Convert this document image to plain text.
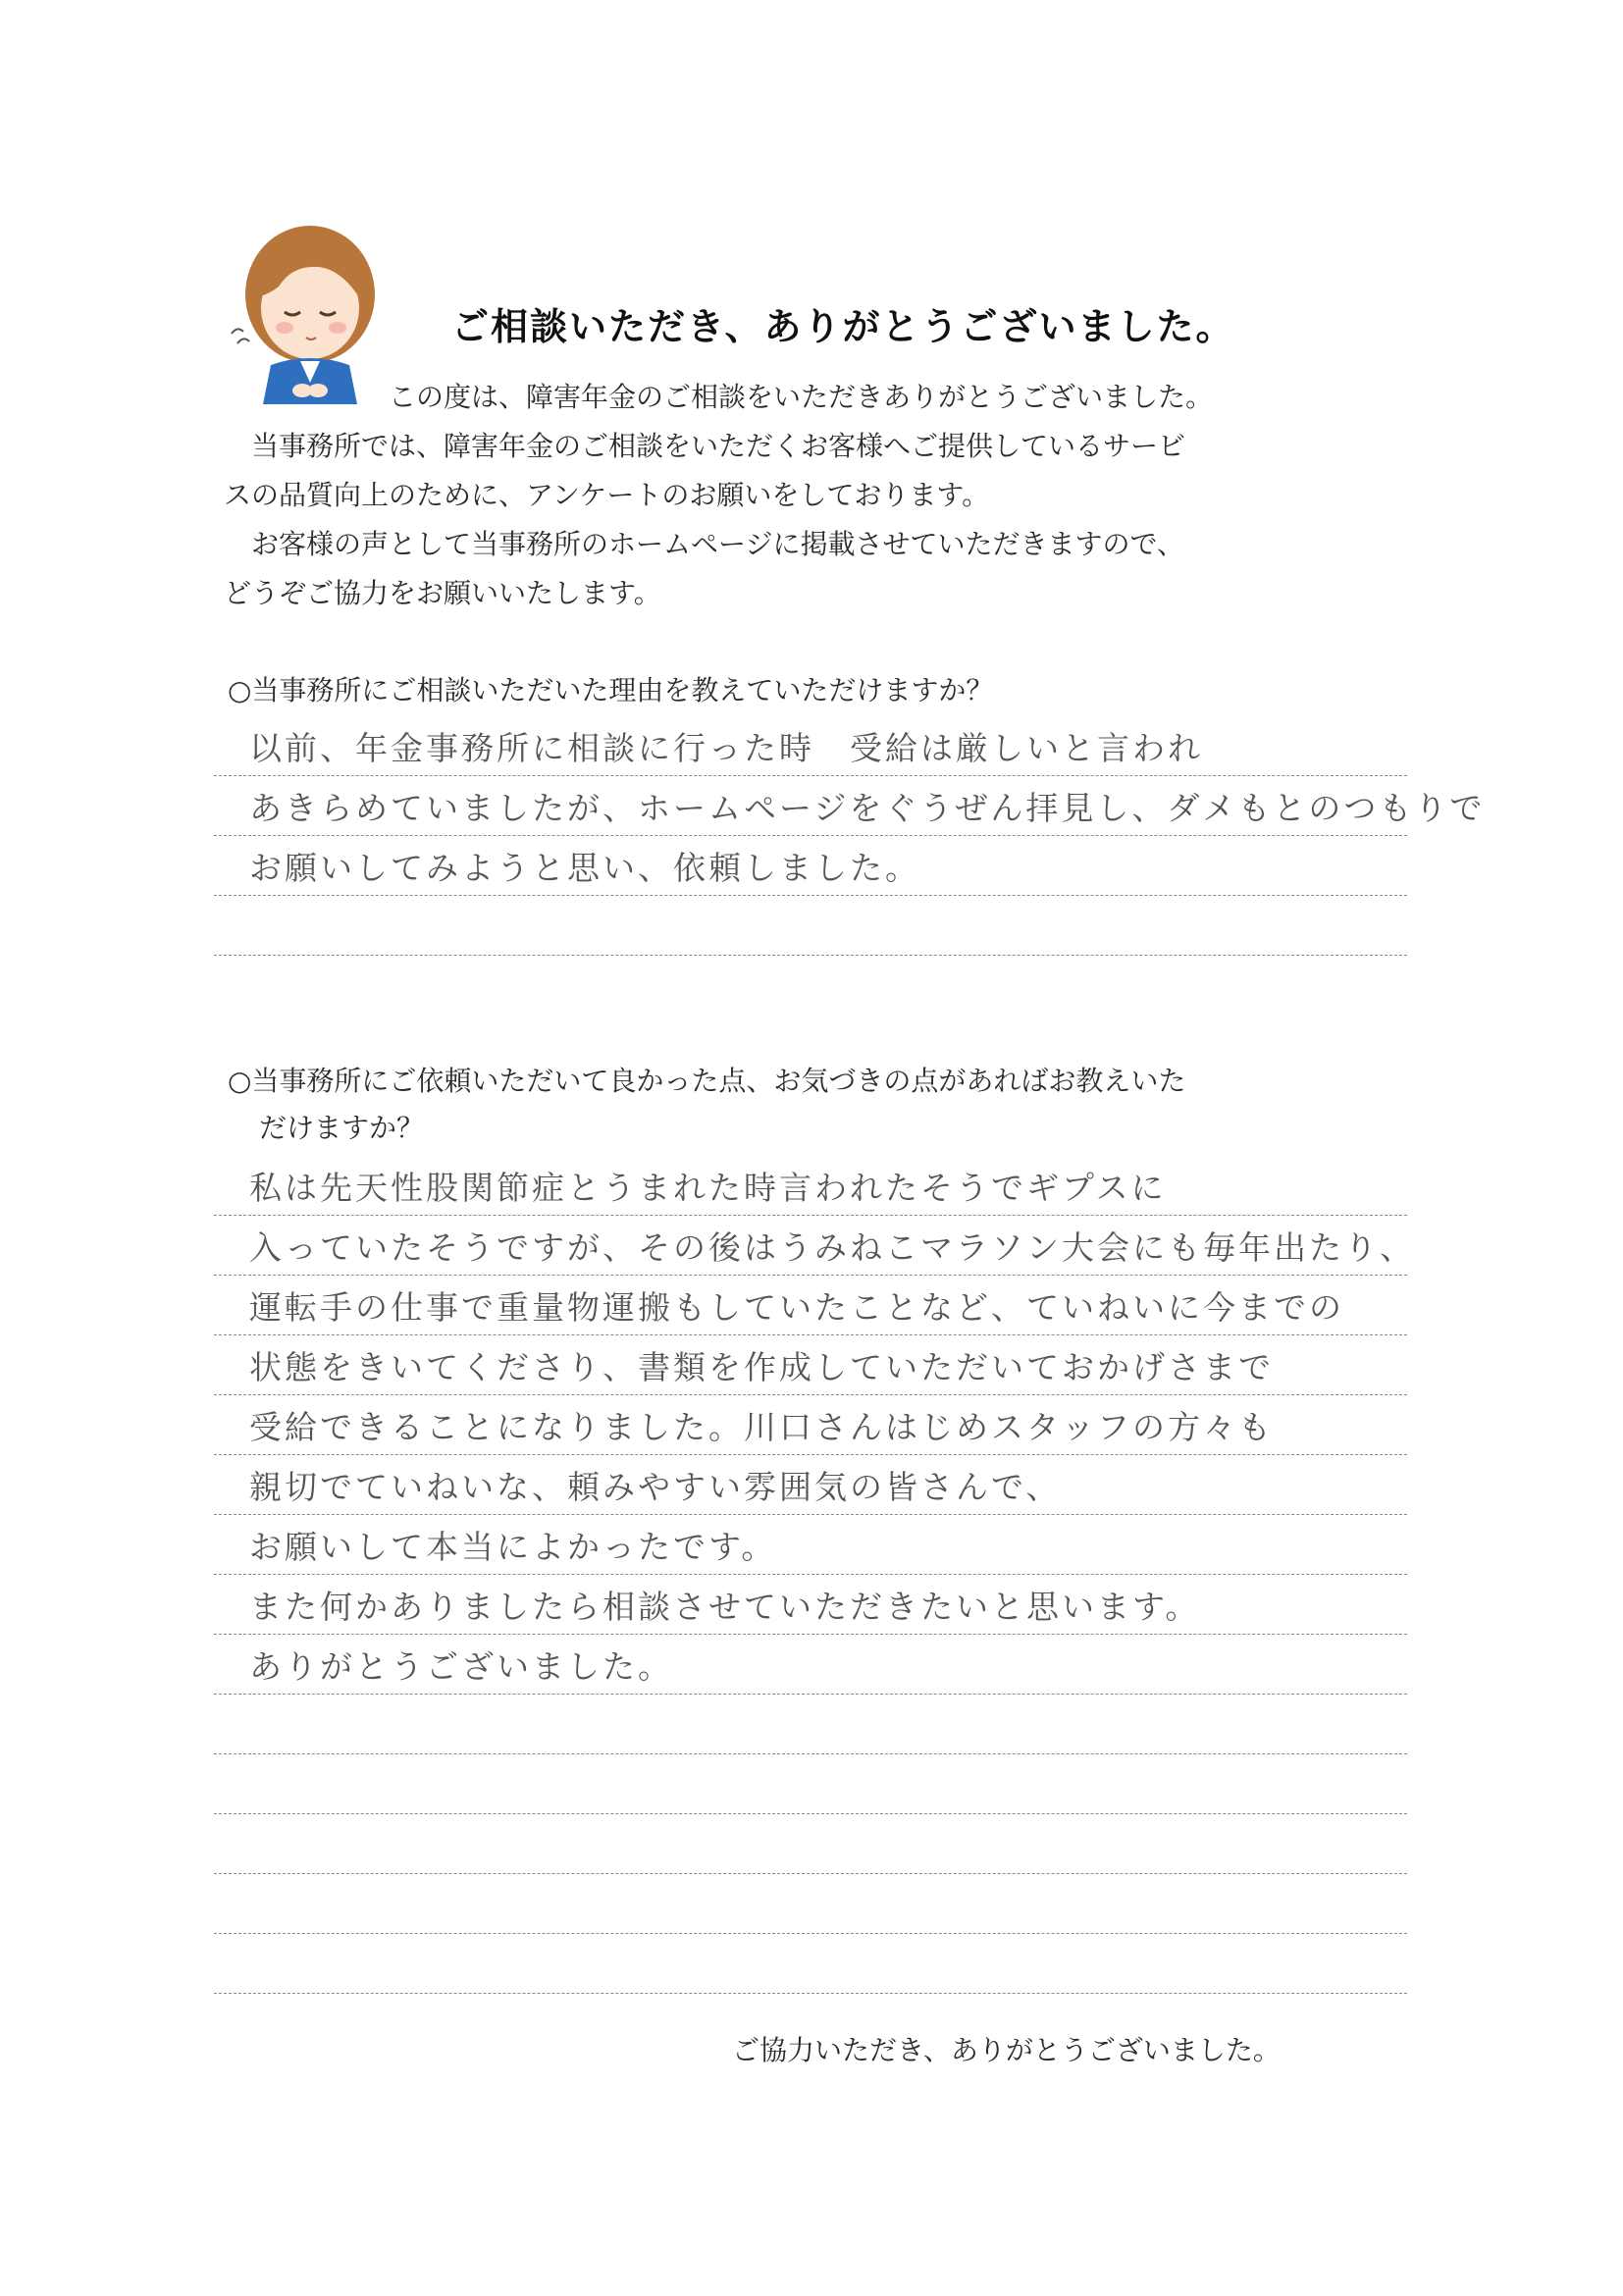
ご相談いただき、ありがとうございました。

　　　　　　この度は、障害年金のご相談をいただきありがとうございました。

　当事務所では、障害年金のご相談をいただくお客様へご提供しているサービ

スの品質向上のために、アンケートのお願いをしております。

　お客様の声として当事務所のホームページに掲載させていただきますので、

どうぞご協力をお願いいたします。

○当事務所にご相談いただいた理由を教えていただけますか？
以前、年金事務所に相談に行った時　受給は厳しいと言われ
あきらめていましたが、ホームページをぐうぜん拝見し、ダメもとのつもりで
お願いしてみようと思い、依頼しました。
○当事務所にご依頼いただいて良かった点、お気づきの点があればお教えいた
だけますか？
私は先天性股関節症とうまれた時言われたそうでギプスに
入っていたそうですが、その後はうみねこマラソン大会にも毎年出たり、
運転手の仕事で重量物運搬もしていたことなど、ていねいに今までの
状態をきいてくださり、書類を作成していただいておかげさまで
受給できることになりました。川口さんはじめスタッフの方々も
親切でていねいな、頼みやすい雰囲気の皆さんで、
お願いして本当によかったです。
また何かありましたら相談させていただきたいと思います。
ありがとうございました。
ご協力いただき、ありがとうございました。
